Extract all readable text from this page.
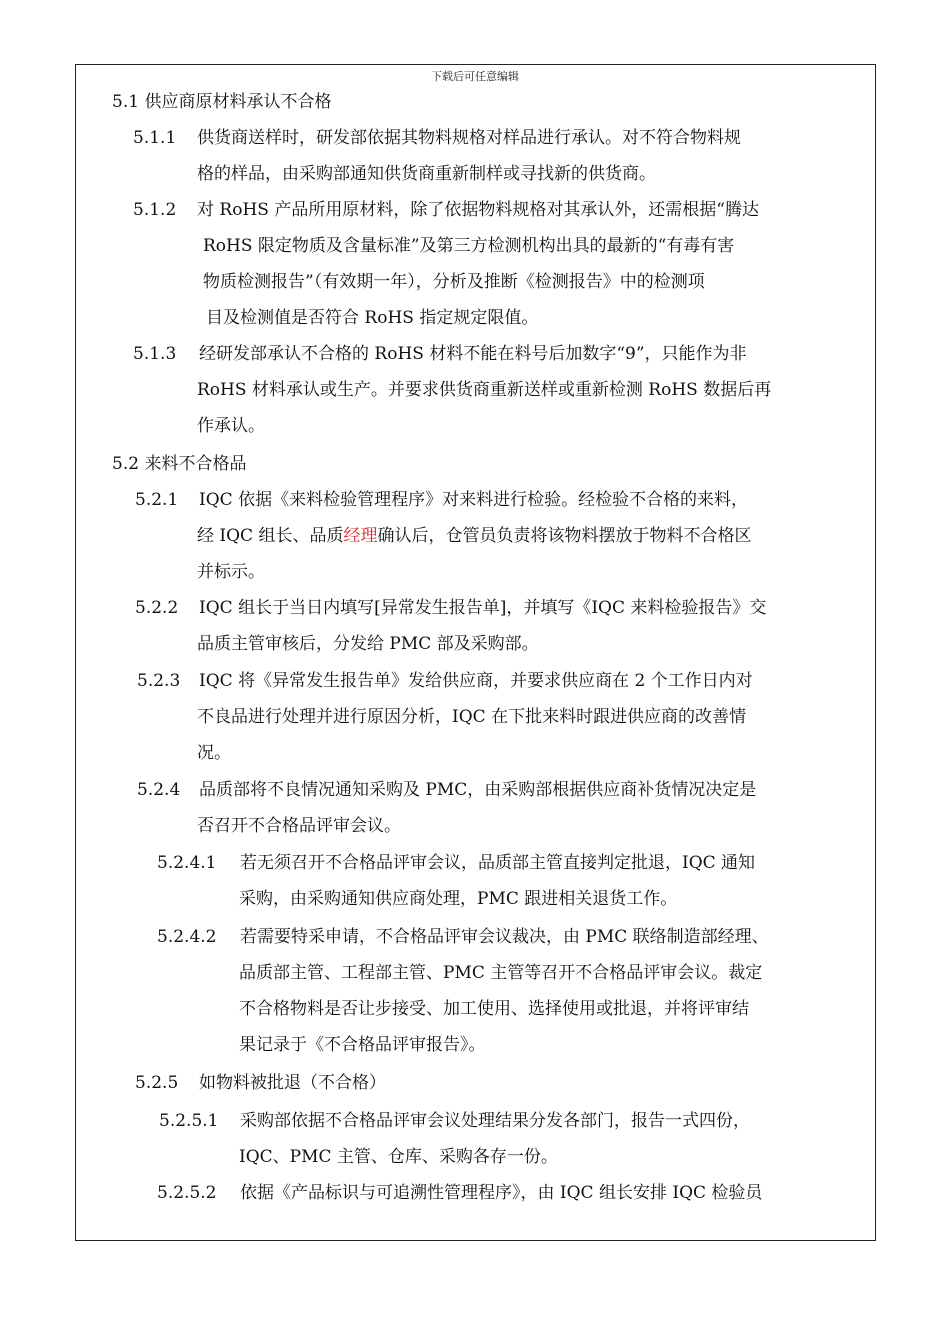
下载后可任意编辑
5.1 供应商原材料承认不合格
5.1.1 供货商送样时，研发部依据其物料规格对样品进行承认。对不符合物料规
格的样品，由采购部通知供货商重新制样或寻找新的供货商。
5.1.2 对 RoHS 产品所用原材料，除了依据物料规格对其承认外，还需根据“腾达
RoHS 限定物质及含量标准”及第三方检测机构出具的最新的“有毒有害
物质检测报告”（有效期一年），分析及推断《检测报告》中的检测项
目及检测值是否符合 RoHS 指定规定限值。
5.1.3 经研发部承认不合格的 RoHS 材料不能在料号后加数字“9”，只能作为非
RoHS 材料承认或生产。并要求供货商重新送样或重新检测 RoHS 数据后再
作承认。
5.2 来料不合格品
5.2.1 IQC 依据《来料检验管理程序》对来料进行检验。经检验不合格的来料，
经 IQC 组长、品质经理确认后，仓管员负责将该物料摆放于物料不合格区
并标示。
5.2.2 IQC 组长于当日内填写[异常发生报告单]，并填写《IQC 来料检验报告》交
品质主管审核后，分发给 PMC 部及采购部。
5.2.3 IQC 将《异常发生报告单》发给供应商，并要求供应商在 2 个工作日内对
不良品进行处理并进行原因分析，IQC 在下批来料时跟进供应商的改善情
况。
5.2.4 品质部将不良情况通知采购及 PMC，由采购部根据供应商补货情况决定是
否召开不合格品评审会议。
5.2.4.1 若无须召开不合格品评审会议，品质部主管直接判定批退，IQC 通知
采购，由采购通知供应商处理，PMC 跟进相关退货工作。
5.2.4.2 若需要特采申请，不合格品评审会议裁决，由 PMC 联络制造部经理、
品质部主管、工程部主管、PMC 主管等召开不合格品评审会议。裁定
不合格物料是否让步接受、加工使用、选择使用或批退，并将评审结
果记录于《不合格品评审报告》。
5.2.5 如物料被批退（不合格）
5.2.5.1 采购部依据不合格品评审会议处理结果分发各部门，报告一式四份，
IQC、PMC 主管、仓库、采购各存一份。
5.2.5.2 依据《产品标识与可追溯性管理程序》，由 IQC 组长安排 IQC 检验员
